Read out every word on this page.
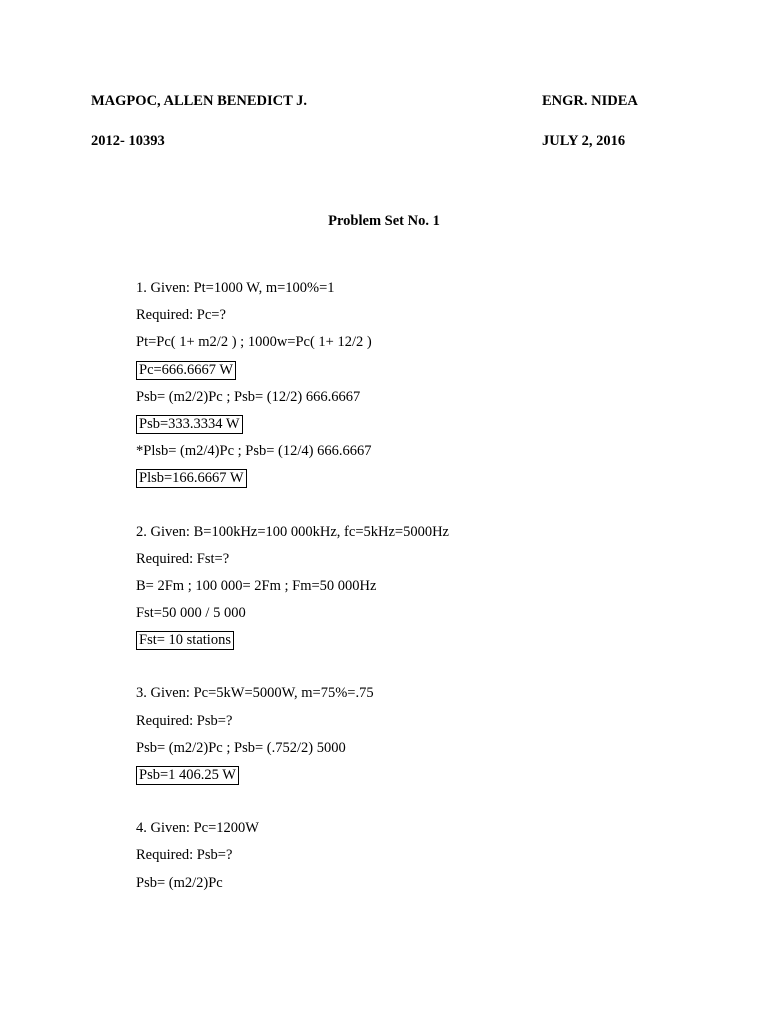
MAGPOC, ALLEN BENEDICT J.
2012- 10393
ENGR. NIDEA
JULY 2, 2016
Problem Set No. 1
1. Given: Pt=1000 W, m=100%=1
Required: Pc=?
Pt=Pc( 1+ m2/2 ) ; 1000w=Pc( 1+ 12/2 )
Pc=666.6667 W
Psb= (m2/2)Pc ; Psb= (12/2) 666.6667
Psb=333.3334 W
*Plsb= (m2/4)Pc ; Psb= (12/4) 666.6667
Plsb=166.6667 W
2. Given: B=100kHz=100 000kHz, fc=5kHz=5000Hz
Required: Fst=?
B= 2Fm ; 100 000= 2Fm ; Fm=50 000Hz
Fst=50 000 / 5 000
Fst= 10 stations
3. Given: Pc=5kW=5000W, m=75%=.75
Required: Psb=?
Psb= (m2/2)Pc ; Psb= (.752/2) 5000
Psb=1 406.25 W
4. Given: Pc=1200W
Required: Psb=?
Psb= (m2/2)Pc
